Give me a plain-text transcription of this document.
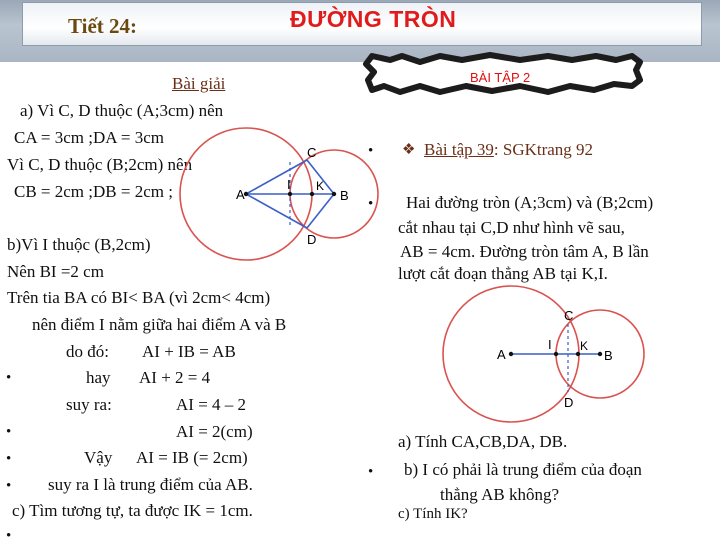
Tiết 24:	ĐƯỜNG TRÒN
BÀI TẬP 2
Bài giải
a) Vì C, D thuộc (A;3cm) nên
CA = 3cm ;DA = 3cm
Vì C, D thuộc (B;2cm) nên
CB = 2cm ;DB = 2cm ;
b)Vì I thuộc (B,2cm)
Nên BI =2 cm
Trên tia BA có BI< BA (vì 2cm< 4cm)
nên điểm I nằm giữa hai điểm A và B
do đó: AI + IB = AB
•	hay AI + 2 = 4
suy ra:	AI = 4 – 2
•	AI = 2(cm)
•	Vậy AI = IB (= 2cm)
• suy ra I là trung điểm của AB.
c) Tìm tương tự, ta được IK = 1cm.
•
• ❖ Bài tập 39: SGKtrang 92
• Hai đường tròn (A;3cm) và (B;2cm)
cắt nhau tại C,D như hình vẽ sau,
AB = 4cm. Đường tròn tâm A, B lần
lượt cắt đoạn thẳng AB tại K,I.
a) Tính CA,CB,DA, DB.
• b) I có phải là trung điểm của đoạn
thẳng AB không?
c) Tính IK?
A	B
C
D
I K
A	B
C
D
I K
